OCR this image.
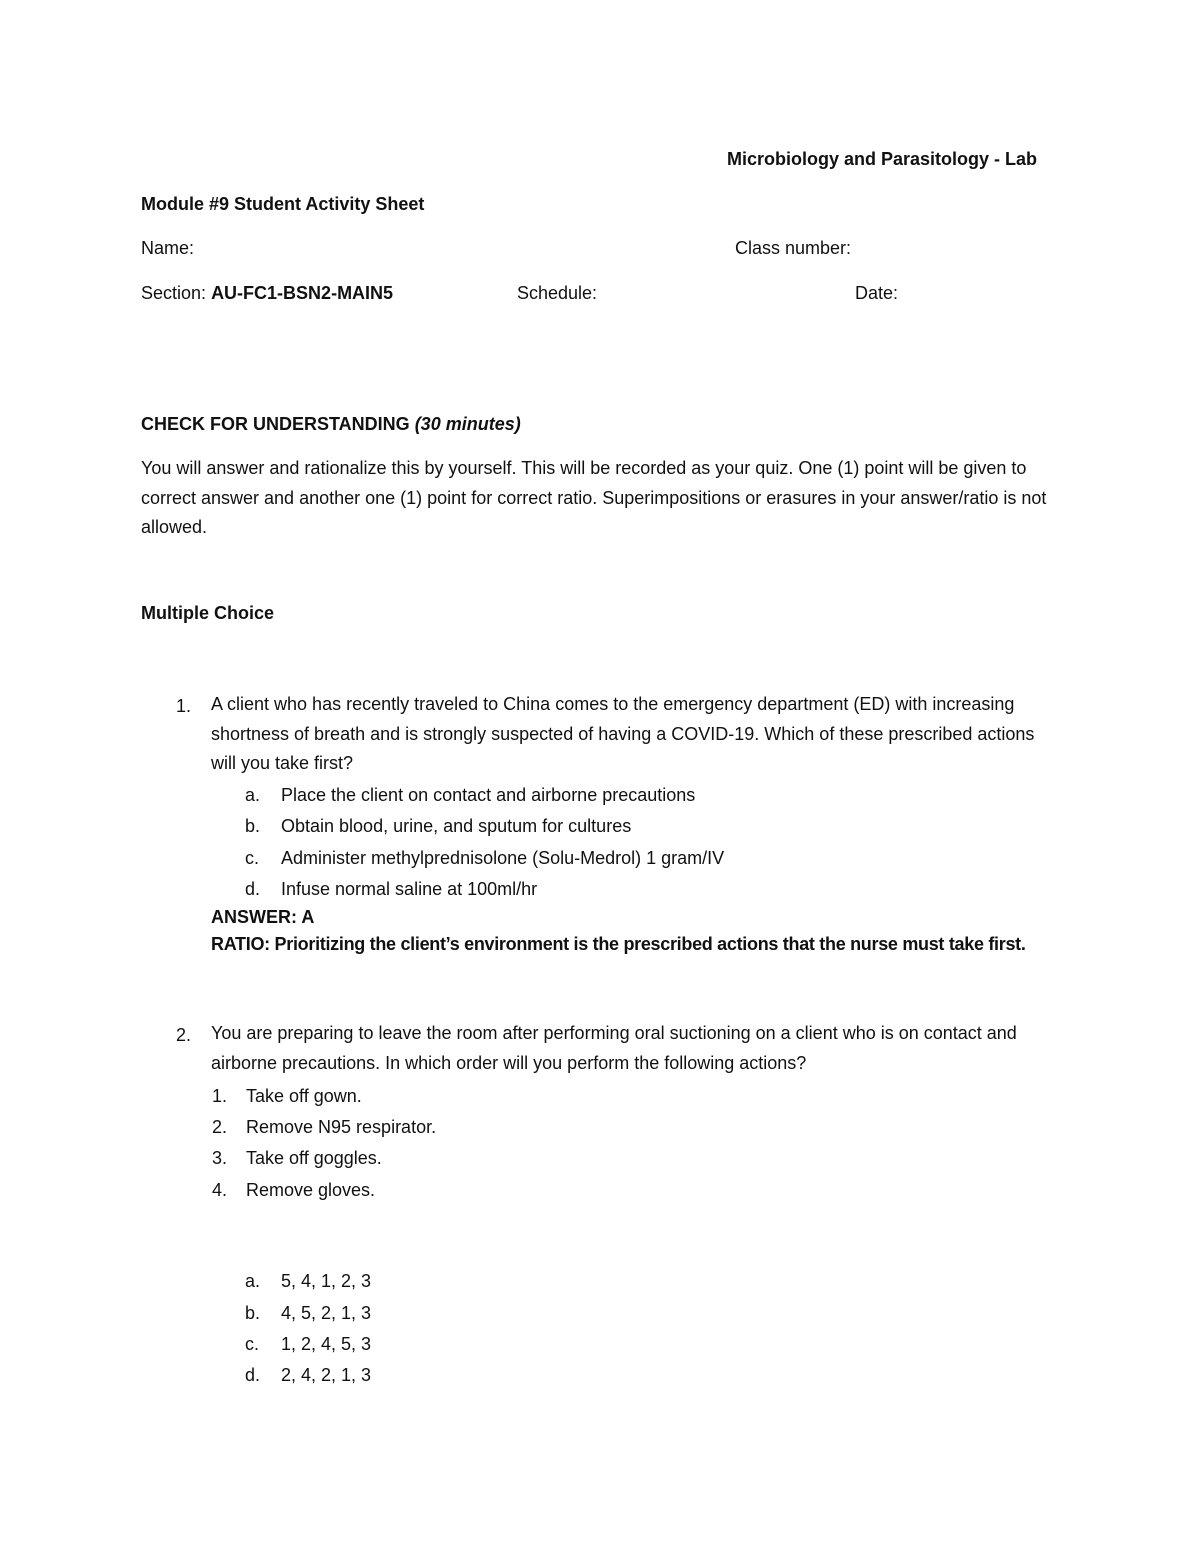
Microbiology and Parasitology - Lab
Module #9 Student Activity Sheet
Name:	Class number:
Section: AU-FC1-BSN2-MAIN5	Schedule:	Date:
CHECK FOR UNDERSTANDING (30 minutes)
You will answer and rationalize this by yourself. This will be recorded as your quiz. One (1) point will be given to correct answer and another one (1) point for correct ratio. Superimpositions or erasures in your answer/ratio is not allowed.
Multiple Choice
1. A client who has recently traveled to China comes to the emergency department (ED) with increasing shortness of breath and is strongly suspected of having a COVID-19. Which of these prescribed actions will you take first?
a. Place the client on contact and airborne precautions
b. Obtain blood, urine, and sputum for cultures
c. Administer methylprednisolone (Solu-Medrol) 1 gram/IV
d. Infuse normal saline at 100ml/hr
ANSWER: A
RATIO: Prioritizing the client’s environment is the prescribed actions that the nurse must take first.
2. You are preparing to leave the room after performing oral suctioning on a client who is on contact and airborne precautions. In which order will you perform the following actions?
1. Take off gown.
2. Remove N95 respirator.
3. Take off goggles.
4. Remove gloves.
a. 5, 4, 1, 2, 3
b. 4, 5, 2, 1, 3
c. 1, 2, 4, 5, 3
d. 2, 4, 2, 1, 3
